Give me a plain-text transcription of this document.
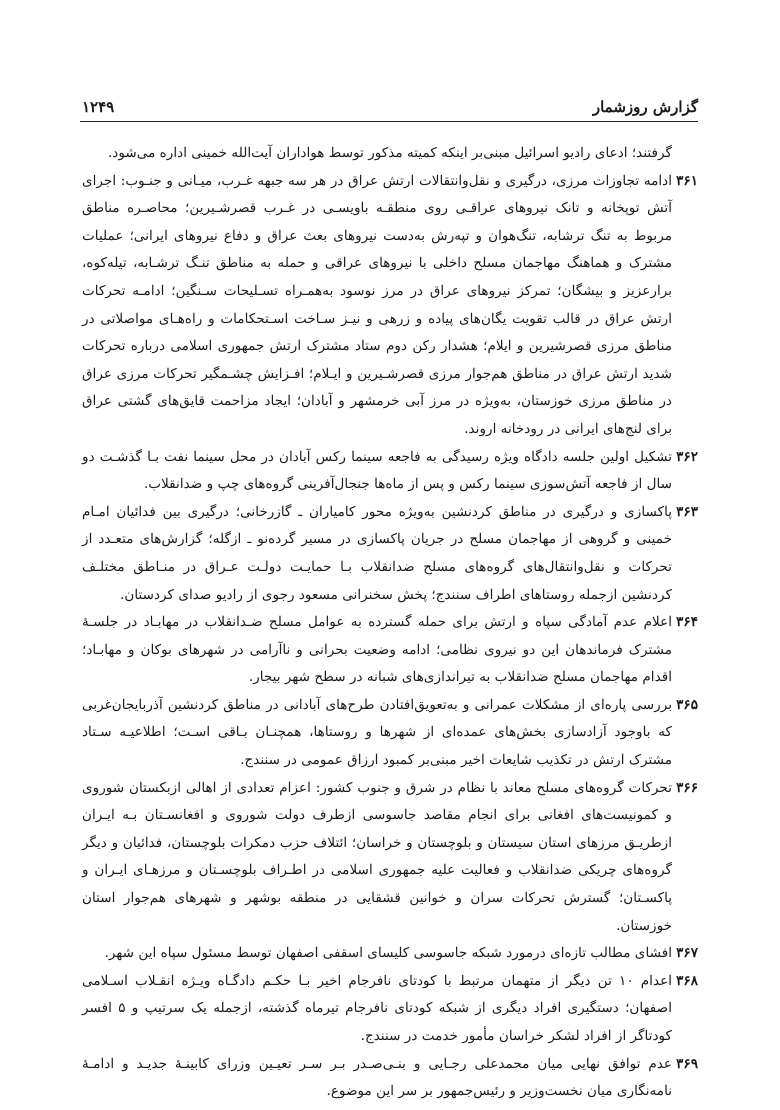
گزارش روزشمار
۱۲۴۹

گرفتند؛ ادعای رادیو اسرائیل مبنی‌بر اینکه کمیته مذکور توسط هواداران آیت‌الله خمینی اداره می‌شود.

۳۶۱
ادامه تجاوزات مرزی، درگیری و نقل‌وانتقالات ارتش عراق در هر سه جبهه غـرب، میـانی و جنـوب: اجرای آتش توپخانه و تانک نیروهای عراقـی روی منطقـه باویسـی در غـرب قصرشـیرین؛ محاصـره مناطق مربوط به تنگ ترشابه، تنگ‌هوان و تپه‌رش به‌دست نیروهای بعث عراق و دفاع نیروهای ایرانی؛ عملیات مشترک و هماهنگ مهاجمان مسلح داخلی با نیروهای عراقی و حمله به مناطق تنـگ ترشـابه، تیله‌کوه، برارعزیز و بیشگان؛ تمرکز نیروهای عراق در مرز نوسود به‌همـراه تسـلیحات سـنگین؛ ادامـه تحرکات ارتش عراق در قالب تقویت یگان‌های پیاده و زرهی و نیـز سـاخت اسـتحکامات و راه‌هـای مواصلاتی در مناطق مرزی قصرشیرین و ایلام؛ هشدار رکن دوم ستاد مشترک ارتش جمهوری اسلامی درباره تحرکات شدید ارتش عراق در مناطق هم‌جوار مرزی قصرشـیرین و ایـلام؛ افـزایش چشـمگیر تحرکات مرزی عراق در مناطق مرزی خوزستان، به‌ویژه در مرز آبی خرمشهر و آبادان؛ ایجاد مزاحمت قایق‌های گشتی عراق برای لنج‌های ایرانی در رودخانه اروند.
۳۶۲
تشکیل اولین جلسه دادگاه ویژه رسیدگی به فاجعه سینما رکس آبادان در محل سینما نفت بـا گذشـت دو سال از فاجعه آتش‌سوزی سینما رکس و پس از ماه‌ها جنجال‌آفرینی گروه‌های چپ و ضدانقلاب.
۳۶۳
پاکسازی و درگیری در مناطق کردنشین به‌ویژه محور کامیاران ـ گازرخانی؛ درگیری بین فدائیان امـام خمینی و گروهی از مهاجمان مسلح در جریان پاکسازی در مسیر گردەنو ـ ازگله؛ گزارش‌های متعـدد از تحرکات و نقل‌وانتقال‌های گروه‌های مسلح ضدانقلاب بـا حمایـت دولـت عـراق در منـاطق مختلـف کردنشین ازجمله روستاهای اطراف سنندج؛ پخش سخنرانی مسعود رجوی از رادیو صدای کردستان.
۳۶۴
اعلام عدم آمادگی سپاه و ارتش برای حمله گسترده به عوامل مسلح ضـدانقلاب در مهابـاد در جلسـهٔ مشترک فرماندهان این دو نیروی نظامی؛ ادامه وضعیت بحرانی و ناآرامی در شهرهای بوکان و مهابـاد؛ اقدام مهاجمان مسلح ضدانقلاب به تیراندازی‌های شبانه در سطح شهر بیجار.
۳۶۵
بررسی پاره‌ای از مشکلات عمرانی و به‌تعویق‌افتادن طرح‌های آبادانی در مناطق کردنشین آذربایجان‌غربی که باوجود آزادسازی بخش‌های عمده‌ای از شهرها و روستاها، همچنـان بـاقی اسـت؛ اطلاعیـه سـتاد مشترک ارتش در تکذیب شایعات اخیر مبنی‌بر کمبود ارزاق عمومی در سنندج.
۳۶۶
تحرکات گروه‌های مسلح معاند با نظام در شرق و جنوب کشور: اعزام تعدادی از اهالی ازبکستان شوروی و کمونیست‌های افغانی برای انجام مقاصد جاسوسی ازطرف دولت شوروی و افغانسـتان بـه ایـران ازطریـق مرزهای استان سیستان و بلوچستان و خراسان؛ ائتلاف حزب دمکرات بلوچستان، فدائیان و دیگر گروه‌های چریکی ضدانقلاب و فعالیت علیه جمهوری اسلامی در اطـراف بلوچسـتان و مرزهـای ایـران و پاکسـتان؛ گسترش تحرکات سران و خوانین قشقایی در منطقه بوشهر و شهرهای هم‌جوار استان خوزستان.
۳۶۷
افشای مطالب تازه‌ای درمورد شبکه جاسوسی کلیسای اسقفی اصفهان توسط مسئول سپاه این شهر.
۳۶۸
اعدام ۱۰ تن دیگر از متهمان مرتبط با کودتای نافرجام اخیر بـا حکـم دادگـاه ویـژه انقـلاب اسـلامی اصفهان؛ دستگیری افراد دیگری از شبکه کودتای نافرجام تیرماه گذشته، ازجمله یک سرتیپ و ۵ افسر کودتاگر از افراد لشکر خراسان مأمور خدمت در سنندج.
۳۶۹
عدم توافق نهایی میان محمدعلی رجـایی و بنـی‌صـدر بـر سـر تعیـین وزرای کابینـهٔ جدیـد و ادامـهٔ نامه‌نگاری میان نخست‌وزیر و رئیس‌جمهور بر سر این موضوع.
